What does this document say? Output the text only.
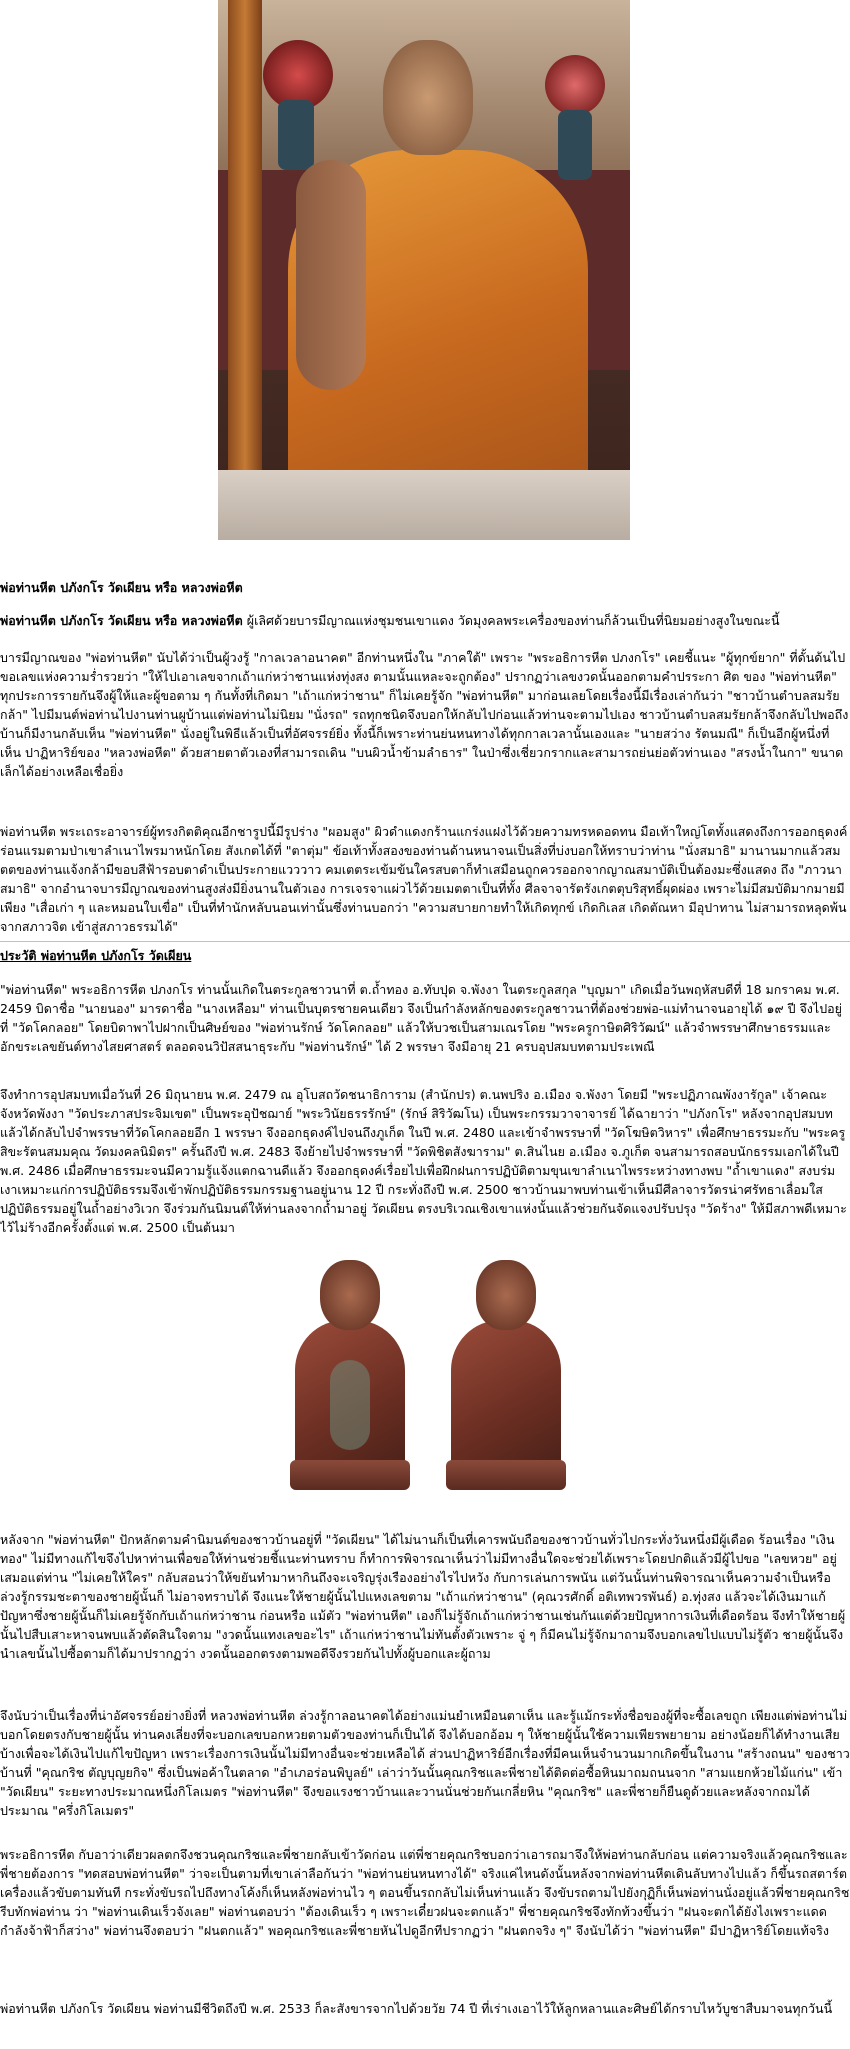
พ่อท่านหีต ปภังกโร วัดเผียน หรือ หลวงพ่อหีต

พ่อท่านหีต ปภังกโร วัดเผียน หรือ หลวงพ่อหีต ผู้เลิศด้วยบารมีญาณแห่งชุมชนเขาแดง วัดมุงคลพระเครื่องของท่านก็ล้วนเป็นที่นิยมอย่างสูงในขณะนี้

บารมีญาณของ "พ่อท่านหีต" นับได้ว่าเป็นผู้วงรู้ "กาลเวลาอนาคต" อีกท่านหนึ่งใน "ภาคใต้" เพราะ "พระอธิการหีต ปภงกโร" เคยชี้แนะ "ผู้ทุกข์ยาก" ที่ดั้นด้นไปขอเลขแห่งความร่ำรวยว่า "ให้ไปเอาเลขจากเถ้าแก่หว่าชานแห่งทุ่งสง ตามนั้นแหละจะถูกต้อง" ปรากฏว่าเลขงวดนั้นออกตามคำปรระกา ศิต ของ "พ่อท่านหีต" ทุกประการรายกันจึงผู้ให้และผู้ขอตาม ๆ กันทั้งที่เกิดมา "เถ้าแก่หว่าชาน" ก็ไม่เคยรู้จัก "พ่อท่านหีต" มาก่อนเลยโดยเรื่องนี้มีเรื่องเล่ากันว่า "ชาวบ้านตำบลสมรัยกล้า" ไปมีมนต์พ่อท่านไปงานท่านผูบ้านแต่พ่อท่านไม่นิยม "นั่งรถ" รถทุกชนิดจึงบอกให้กลับไปก่อนแล้วท่านจะตามไปเอง ชาวบ้านตำบลสมรัยกล้าจึงกลับไปพอถึงบ้านก็มีงานกลับเห็น "พ่อท่านหีต" นั่งอยู่ในพิธีแล้วเป็นที่อัศจรรย์ยิ่ง ทั้งนี้ก็เพราะท่านย่นหนทางได้ทุกกาลเวลานั้นเองและ "นายสว่าง รัตนมณี" ก็เป็นอีกผู้หนึ่งที่เห็น ปาฏิหาริย์ของ "หลวงพ่อหีต" ด้วยสายตาตัวเองที่สามารถเดิน "บนผิวน้ำข้ามลำธาร" ในป่าซึ่งเชี่ยวกรากและสามารถย่นย่อตัวท่านเอง "สรงน้ำในกา" ขนาดเล็กได้อย่างเหลือเชื่อยิ่ง

พ่อท่านหีต พระเถระอาจารย์ผู้ทรงกิตติคุณอีกชารูปนี้มีรูปร่าง "ผอมสูง" ผิวดำแดงกร้านแกร่งแฝงไว้ด้วยความทรหดอดทน มือเท้าใหญ่โตทั้งแสดงถึงการออกธุดงค์ร่อนแรมตามป่าเขาลำเนาไพรมาหนักโดย สังเกตได้ที่ "ตาตุ่ม" ข้อเท้าทั้งสองของท่านด้านหนาจนเป็นสิ่งที่บ่งบอกให้ทราบว่าท่าน "นั่งสมาธิ" มานานมากแล้วสมตตของท่านแจ้งกล้ามีขอบสีฟ้ารอบตาดำเป็นประกายแวววาว คมเตตระเข้มข้นใครสบตาก็ทำเสมือนถูกควรออกจากญาณสมาบัติเป็นต้องมะซึ่งแสดง ถึง "ภาวนาสมาธิ" จากอำนาจบารมีญาณของท่านสูงส่งมียิ่งนานในตัวเอง การเจรจาแผ่วไว้ด้วยเมตตาเป็นที่ทั้ง ศีลจาจารัตรังเกตตุบริสุทธิ์ผุดผ่อง เพราะไม่มีสมบัติมากมายมีเพียง "เสื่อเก่า ๆ และหมอนใบเขื่อ" เป็นที่ทำนักหลับนอนเท่านั้นซึ่งท่านบอกว่า "ความสบายกายทำให้เกิดทุกข์ เกิดกิเลส เกิดตัณหา มีอุปาทาน ไม่สามารถหลุดพ้นจากสภาวจิต เข้าสู่สภาวธรรมได้"

ประวัติ พ่อท่านหีต ปภังกโร วัดเผียน

"พ่อท่านหีต" พระอธิการหีต ปภงกโร ท่านนั้นเกิดในตระกูลชาวนาที่ ต.ถ้ำทอง อ.ทับปุด จ.พังงา ในตระกูลสกุล "บุญมา" เกิดเมื่อวันพฤหัสบดีที่ 18 มกราคม พ.ศ. 2459 บิดาชื่อ "นายนอง" มารดาชื่อ "นางเหลือม" ท่านเป็นบุตรชายคนเดียว จึงเป็นกำลังหลักของตระกูลชาวนาที่ต้องช่วยพ่อ-แม่ทำนาจนอายุได้ ๑๙ ปี จึงไปอยู่ที่ "วัดโคกลอย" โดยบิดาพาไปฝากเป็นศิษย์ของ "พ่อท่านรักษ์ วัดโคกลอย" แล้วให้บวชเป็นสามเณรโดย "พระครูกาษิตศิริวัฒน์" แล้วจำพรรษาศึกษาธรรมและอักขระเลขยันต์ทางไสยศาสตร์ ตลอดจนวิปัสสนาธุระกับ "พ่อท่านรักษ์" ได้ 2 พรรษา จึงมีอายุ 21 ครบอุปสมบทตามประเพณี

จึงทำการอุปสมบทเมื่อวันที่ 26 มิถุนายน พ.ศ. 2479 ณ อุโบสถวัดชนาธิการาม (สำนักปร) ต.นพปริง อ.เมือง จ.พังงา โดยมี "พระปฏิภาณพังงารักูล" เจ้าคณะจังหวัดพังงา "วัดประภาสประจิมเขต" เป็นพระอุปัชฌาย์ "พระวินัยธรรรักษ์" (รักษ์ สิริวัฒโน) เป็นพระกรรมวาจาจารย์ ได้ฉายาว่า "ปภังกโร" หลังจากอุปสมบทแล้วได้กลับไปจำพรรษาที่วัดโคกลอยอีก 1 พรรษา จึงออกธุดงค์ไปจนถึงภูเก็ต ในปี พ.ศ. 2480 และเข้าจำพรรษาที่ "วัดโฆษิตวิหาร" เพื่อศึกษาธรรมะกับ "พระครูสิขะรัตนสมมคุณ วัดมงคลนิมิตร" ครั้นถึงปี พ.ศ. 2483 จึงย้ายไปจำพรรษาที่ "วัดพิชิตสังฆาราม" ต.สินไนย อ.เมือง จ.ภูเก็ต จนสามารถสอบนักธรรมเอกได้ในปี พ.ศ. 2486 เมื่อศึกษาธรรมะจนมีความรู้แจ้งแตกฉานดีแล้ว จึงออกธุดงค์เรื่อยไปเพื่อฝึกฝนการปฏิบัติตามขุนเขาลำเนาไพรระหว่างทางพบ "ถ้ำเขาแดง" สงบร่มเงาเหมาะแก่การปฏิบัติธรรมจึงเข้าพักปฏิบัติธรรมกรรมฐานอยู่นาน 12 ปี กระทั่งถึงปี พ.ศ. 2500 ชาวบ้านมาพบท่านเข้าเห็นมีศีลาจารวัตรน่าศรัทธาเลื่อมใส ปฏิบัติธรรมอยู่ในถ้ำอย่างวิเวก จึงร่วมกันนิมนต์ให้ท่านลงจากถ้ำมาอยู่ วัดเผียน ตรงบริเวณเชิงเขาแห่งนั้นแล้วช่วยกันจัดแจงปรับปรุง "วัดร้าง" ให้มีสภาพดีเหมาะไว้ไม่ร้างอีกครั้งตั้งแต่ พ.ศ. 2500 เป็นต้นมา

หลังจาก "พ่อท่านหีต" ปักหลักตามคำนิมนต์ของชาวบ้านอยู่ที่ "วัดเผียน" ได้ไม่นานก็เป็นที่เคารพนับถือของชาวบ้านทั่วไปกระทั่งวันหนึ่งมีผู้เดือด ร้อนเรื่อง "เงินทอง" ไม่มีทางแก้ไขจึงไปหาท่านเพื่อขอให้ท่านช่วยชี้แนะท่านทราบ ก็ทำการพิจารณาเห็นว่าไม่มีทางอื่นใดจะช่วยได้เพราะโดยปกติแล้วมีผู้ไปขอ "เลขหวย" อยู่เสมอแต่ท่าน "ไม่เคยให้ใคร" กลับสอนว่าให้ขยันทำมาหากินถึงจะเจริญรุ่งเรืองอย่างไรไปหวัง กับการเล่นการพนัน แต่วันนั้นท่านพิจารณาเห็นความจำเป็นหรือล่วงรู้กรรมชะตาของชายผู้นั้นก็ ไม่อาจทราบได้ จึงแนะให้ชายผู้นั้นไปแหงเลขตาม "เถ้าแก่หว่าชาน" (คุณวรศักดิ์ อติเทพวรพันธ์) อ.ทุ่งสง แล้วจะได้เงินมาแก้ปัญหาซึ่งชายผู้นั้นก็ไม่เคยรู้จักกับเถ้าแก่หว่าชาน ก่อนหรือ แม้ตัว "พ่อท่านหีต" เองก็ไม่รู้จักเถ้าแก่หว่าชานเช่นกันแต่ด้วยปัญหาการเงินที่เดือดร้อน จึงทำให้ชายผู้นั้นไปสืบเสาะหาจนพบแล้วตัดสินใจตาม "งวดนั้นแทงเลขอะไร" เถ้าแก่หว่าชานไม่ทันตั้งตัวเพราะ จู่ ๆ ก็มีคนไม่รู้จักมาถามจึงบอกเลขไปแบบไม่รู้ตัว ชายผู้นั้นจึงนำเลขนั้นไปซื้อตามก็ได้มาปรากฏว่า งวดนั้นออกตรงตามพอดีจึงรวยกันไปทั้งผู้บอกและผู้ถาม

จึงนับว่าเป็นเรื่องที่น่าอัศจรรย์อย่างยิ่งที่ หลวงพ่อท่านหีต ล่วงรู้กาลอนาคตได้อย่างแม่นยำเหมือนตาเห็น และรู้แม้กระทั่งชื่อของผู้ที่จะซื้อเลขถูก เพียงแต่พ่อท่านไม่บอกโดยตรงกับชายผู้นั้น ท่านคงเลี่ยงที่จะบอกเลขบอกหวยตามตัวของท่านก็เป็นได้ จึงได้บอกอ้อม ๆ ให้ชายผู้นั้นใช้ความเพียรพยายาม อย่างน้อยก็ได้ทำงานเสียบ้างเพื่อจะได้เงินไปแก้ไขปัญหา เพราะเรื่องการเงินนั้นไม่มีทางอื่นจะช่วยเหลือได้ ส่วนปาฏิหาริย์อีกเรื่องที่มีคนเห็นจำนวนมากเกิดขึ้นในงาน "สร้างถนน" ของชาวบ้านที่ "คุณกริช ตัญบุญยกิจ" ซึ่งเป็นพ่อค้าในตลาด "อำเภอร่อนพิบูลย์" เล่าว่าวันนั้นคุณกริชและพี่ชายได้ติดต่อซื้อหินมาถมถนนจาก "สามแยกห้วยไม้แก่น" เข้า "วัดเผียน" ระยะทางประมาณหนึ่งกิโลเมตร "พ่อท่านหีต" จึงขอแรงชาวบ้านและวานนั่นช่วยกันเกลี่ยหิน "คุณกริช" และพี่ชายก็ยืนดูด้วยและหลังจากถมได้ประมาณ "ครึ่งกิโลเมตร"

พระอธิการหีต กับอาว่าเดียวผลตกจึงชวนคุณกริชและพี่ชายกลับเข้าวัดก่อน แต่พี่ชายคุณกริชบอกว่าเอารถมาจึงให้พ่อท่านกลับก่อน แต่ความจริงแล้วคุณกริชและพี่ชายต้องการ "ทดสอบพ่อท่านหีต" ว่าจะเป็นตามที่เขาเล่าลือกันว่า "พ่อท่านย่นหนทางได้" จริงแค่ไหนดังนั้นหลังจากพ่อท่านหีตเดินลับทางไปแล้ว ก็ขึ้นรถสตาร์ตเครื่องแล้วขับตามทันที กระทั่งขับรถไปถึงทางโค้งก็เห็นหลังพ่อท่านไว ๆ ตอนขึ้นรถกลับไม่เห็นท่านแล้ว จึงขับรถตามไปยังกุฏิก็เห็นพ่อท่านนั่งอยู่แล้วพี่ชายคุณกริชรีบทักพ่อท่าน ว่า "พ่อท่านเดินเร็วจังเลย" พ่อท่านตอบว่า "ต้องเดินเร็ว ๆ เพราะเดี๋ยวฝนจะตกแล้ว" พี่ชายคุณกริชจึงทักท้วงขึ้นว่า "ฝนจะตกได้ยังไงเพราะแดดกำลังจ้าฟ้าก็สว่าง" พ่อท่านจึงตอบว่า "ฝนตกแล้ว" พอคุณกริชและพี่ชายหันไปดูอีกทีปรากฏว่า "ฝนตกจริง ๆ" จึงนับได้ว่า "พ่อท่านหีต" มีปาฏิหาริย์โดยแท้จริง

พ่อท่านหีต ปภังกโร วัดเผียน พ่อท่านมีชีวิตถึงปี พ.ศ. 2533 ก็ละสังขารจากไปด้วยวัย 74 ปี ที่เร่าเงเอาไว้ให้ลูกหลานและศิษย์ได้กราบไหว้บูชาสืบมาจนทุกวันนี้
